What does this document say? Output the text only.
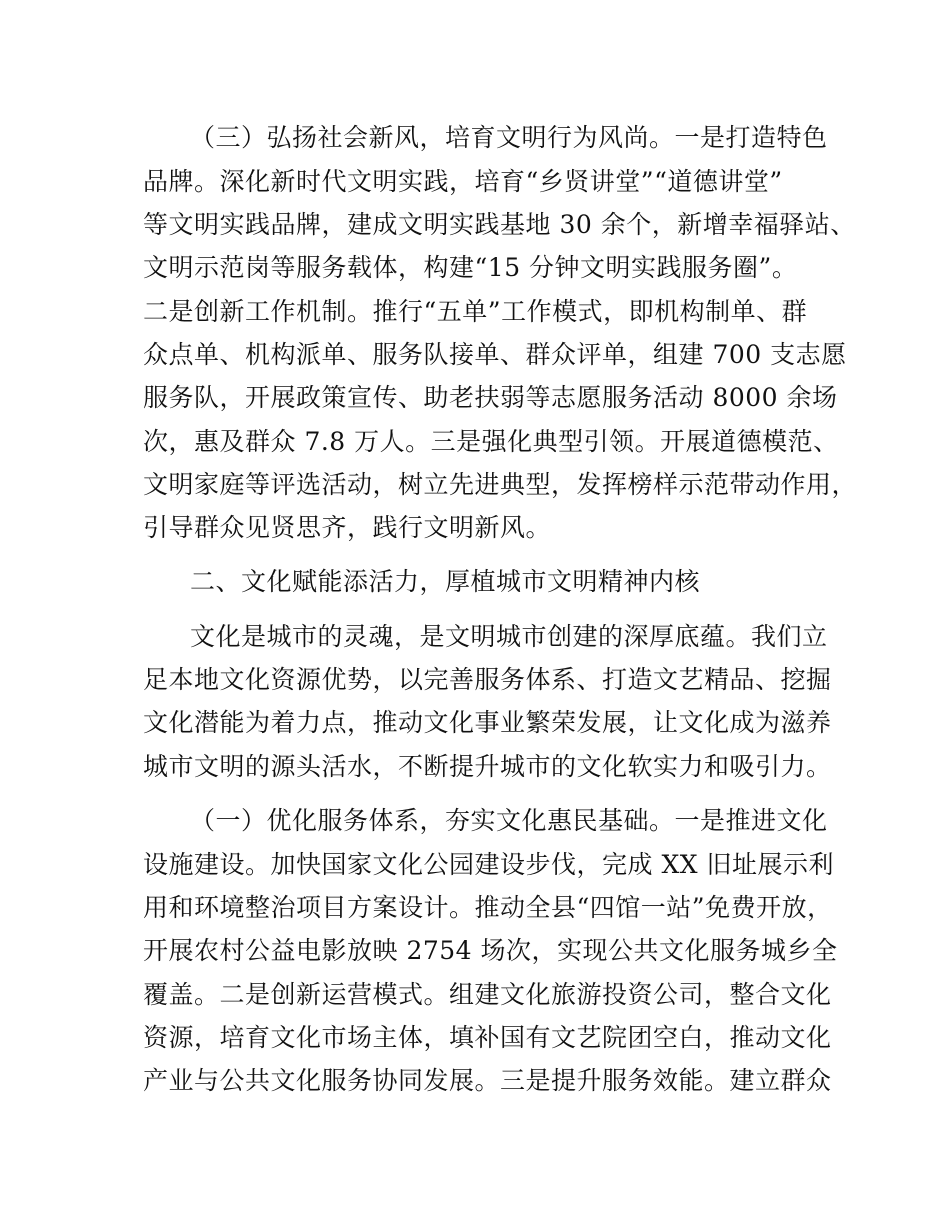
（三）弘扬社会新风，培育文明行为风尚。一是打造特色
品牌。深化新时代文明实践，培育“乡贤讲堂”“道德讲堂”
等文明实践品牌，建成文明实践基地 30 余个，新增幸福驿站、
文明示范岗等服务载体，构建“15 分钟文明实践服务圈”。
二是创新工作机制。推行“五单”工作模式，即机构制单、群
众点单、机构派单、服务队接单、群众评单，组建 700 支志愿
服务队，开展政策宣传、助老扶弱等志愿服务活动 8000 余场
次，惠及群众 7.8 万人。三是强化典型引领。开展道德模范、
文明家庭等评选活动，树立先进典型，发挥榜样示范带动作用，
引导群众见贤思齐，践行文明新风。
二、文化赋能添活力，厚植城市文明精神内核
文化是城市的灵魂，是文明城市创建的深厚底蕴。我们立
足本地文化资源优势，以完善服务体系、打造文艺精品、挖掘
文化潜能为着力点，推动文化事业繁荣发展，让文化成为滋养
城市文明的源头活水，不断提升城市的文化软实力和吸引力。
（一）优化服务体系，夯实文化惠民基础。一是推进文化
设施建设。加快国家文化公园建设步伐，完成 XX 旧址展示利
用和环境整治项目方案设计。推动全县“四馆一站”免费开放，
开展农村公益电影放映 2754 场次，实现公共文化服务城乡全
覆盖。二是创新运营模式。组建文化旅游投资公司，整合文化
资源，培育文化市场主体，填补国有文艺院团空白，推动文化
产业与公共文化服务协同发展。三是提升服务效能。建立群众
